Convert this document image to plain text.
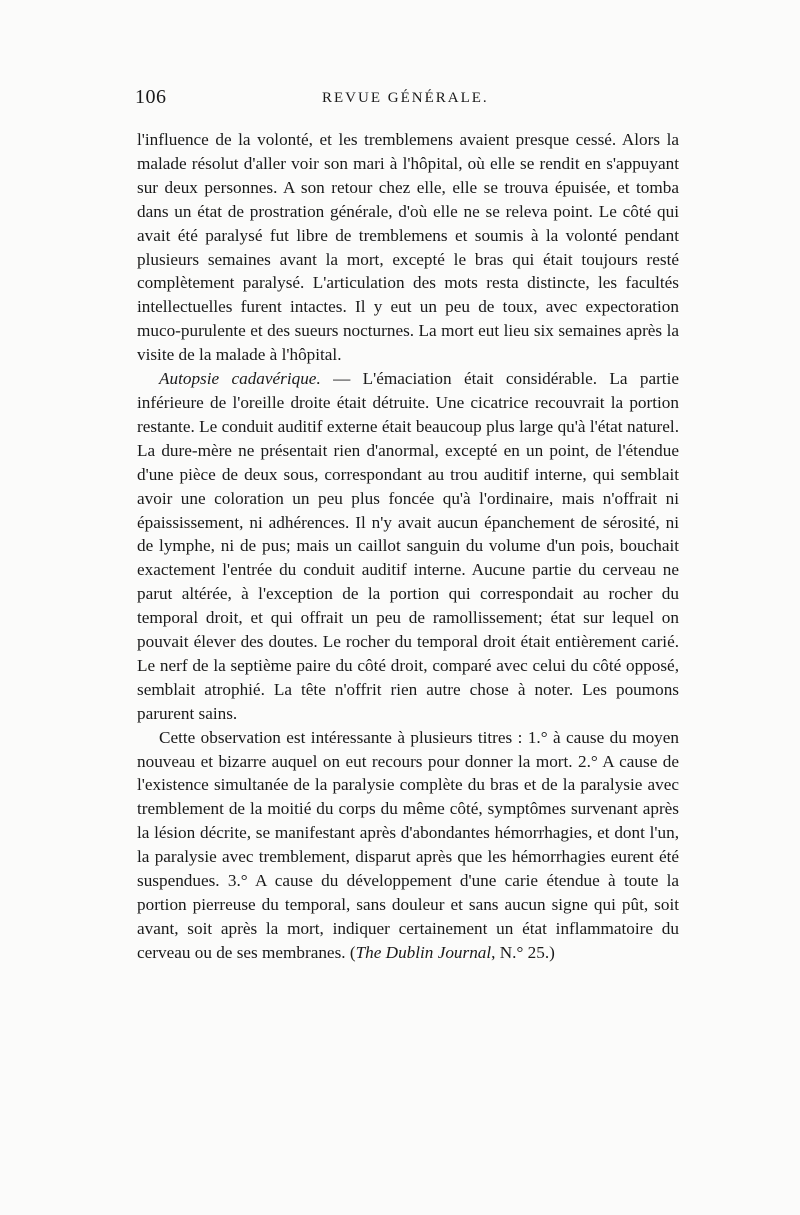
106	REVUE GÉNÉRALE.

l'influence de la volonté, et les tremblemens avaient presque cessé. Alors la malade résolut d'aller voir son mari à l'hôpital, où elle se rendit en s'appuyant sur deux personnes. A son retour chez elle, elle se trouva épuisée, et tomba dans un état de prostration générale, d'où elle ne se releva point. Le côté qui avait été paralysé fut libre de tremblemens et soumis à la volonté pendant plusieurs semaines avant la mort, excepté le bras qui était toujours resté complètement paralysé. L'articulation des mots resta distincte, les facultés intellectuelles furent intactes. Il y eut un peu de toux, avec expectoration muco-purulente et des sueurs nocturnes. La mort eut lieu six semaines après la visite de la malade à l'hôpital.

Autopsie cadavérique. — L'émaciation était considérable. La partie inférieure de l'oreille droite était détruite. Une cicatrice recouvrait la portion restante. Le conduit auditif externe était beaucoup plus large qu'à l'état naturel. La dure-mère ne présentait rien d'anormal, excepté en un point, de l'étendue d'une pièce de deux sous, correspondant au trou auditif interne, qui semblait avoir une coloration un peu plus foncée qu'à l'ordinaire, mais n'offrait ni épaississement, ni adhérences. Il n'y avait aucun épanchement de sérosité, ni de lymphe, ni de pus; mais un caillot sanguin du volume d'un pois, bouchait exactement l'entrée du conduit auditif interne. Aucune partie du cerveau ne parut altérée, à l'exception de la portion qui correspondait au rocher du temporal droit, et qui offrait un peu de ramollissement; état sur lequel on pouvait élever des doutes. Le rocher du temporal droit était entièrement carié. Le nerf de la septième paire du côté droit, comparé avec celui du côté opposé, semblait atrophié. La tête n'offrit rien autre chose à noter. Les poumons parurent sains.

Cette observation est intéressante à plusieurs titres : 1.° à cause du moyen nouveau et bizarre auquel on eut recours pour donner la mort. 2.° A cause de l'existence simultanée de la paralysie complète du bras et de la paralysie avec tremblement de la moitié du corps du même côté, symptômes survenant après la lésion décrite, se manifestant après d'abondantes hémorrhagies, et dont l'un, la paralysie avec tremblement, disparut après que les hémorrhagies eurent été suspendues. 3.° A cause du développement d'une carie étendue à toute la portion pierreuse du temporal, sans douleur et sans aucun signe qui pût, soit avant, soit après la mort, indiquer certainement un état inflammatoire du cerveau ou de ses membranes. (The Dublin Journal, N.° 25.)
